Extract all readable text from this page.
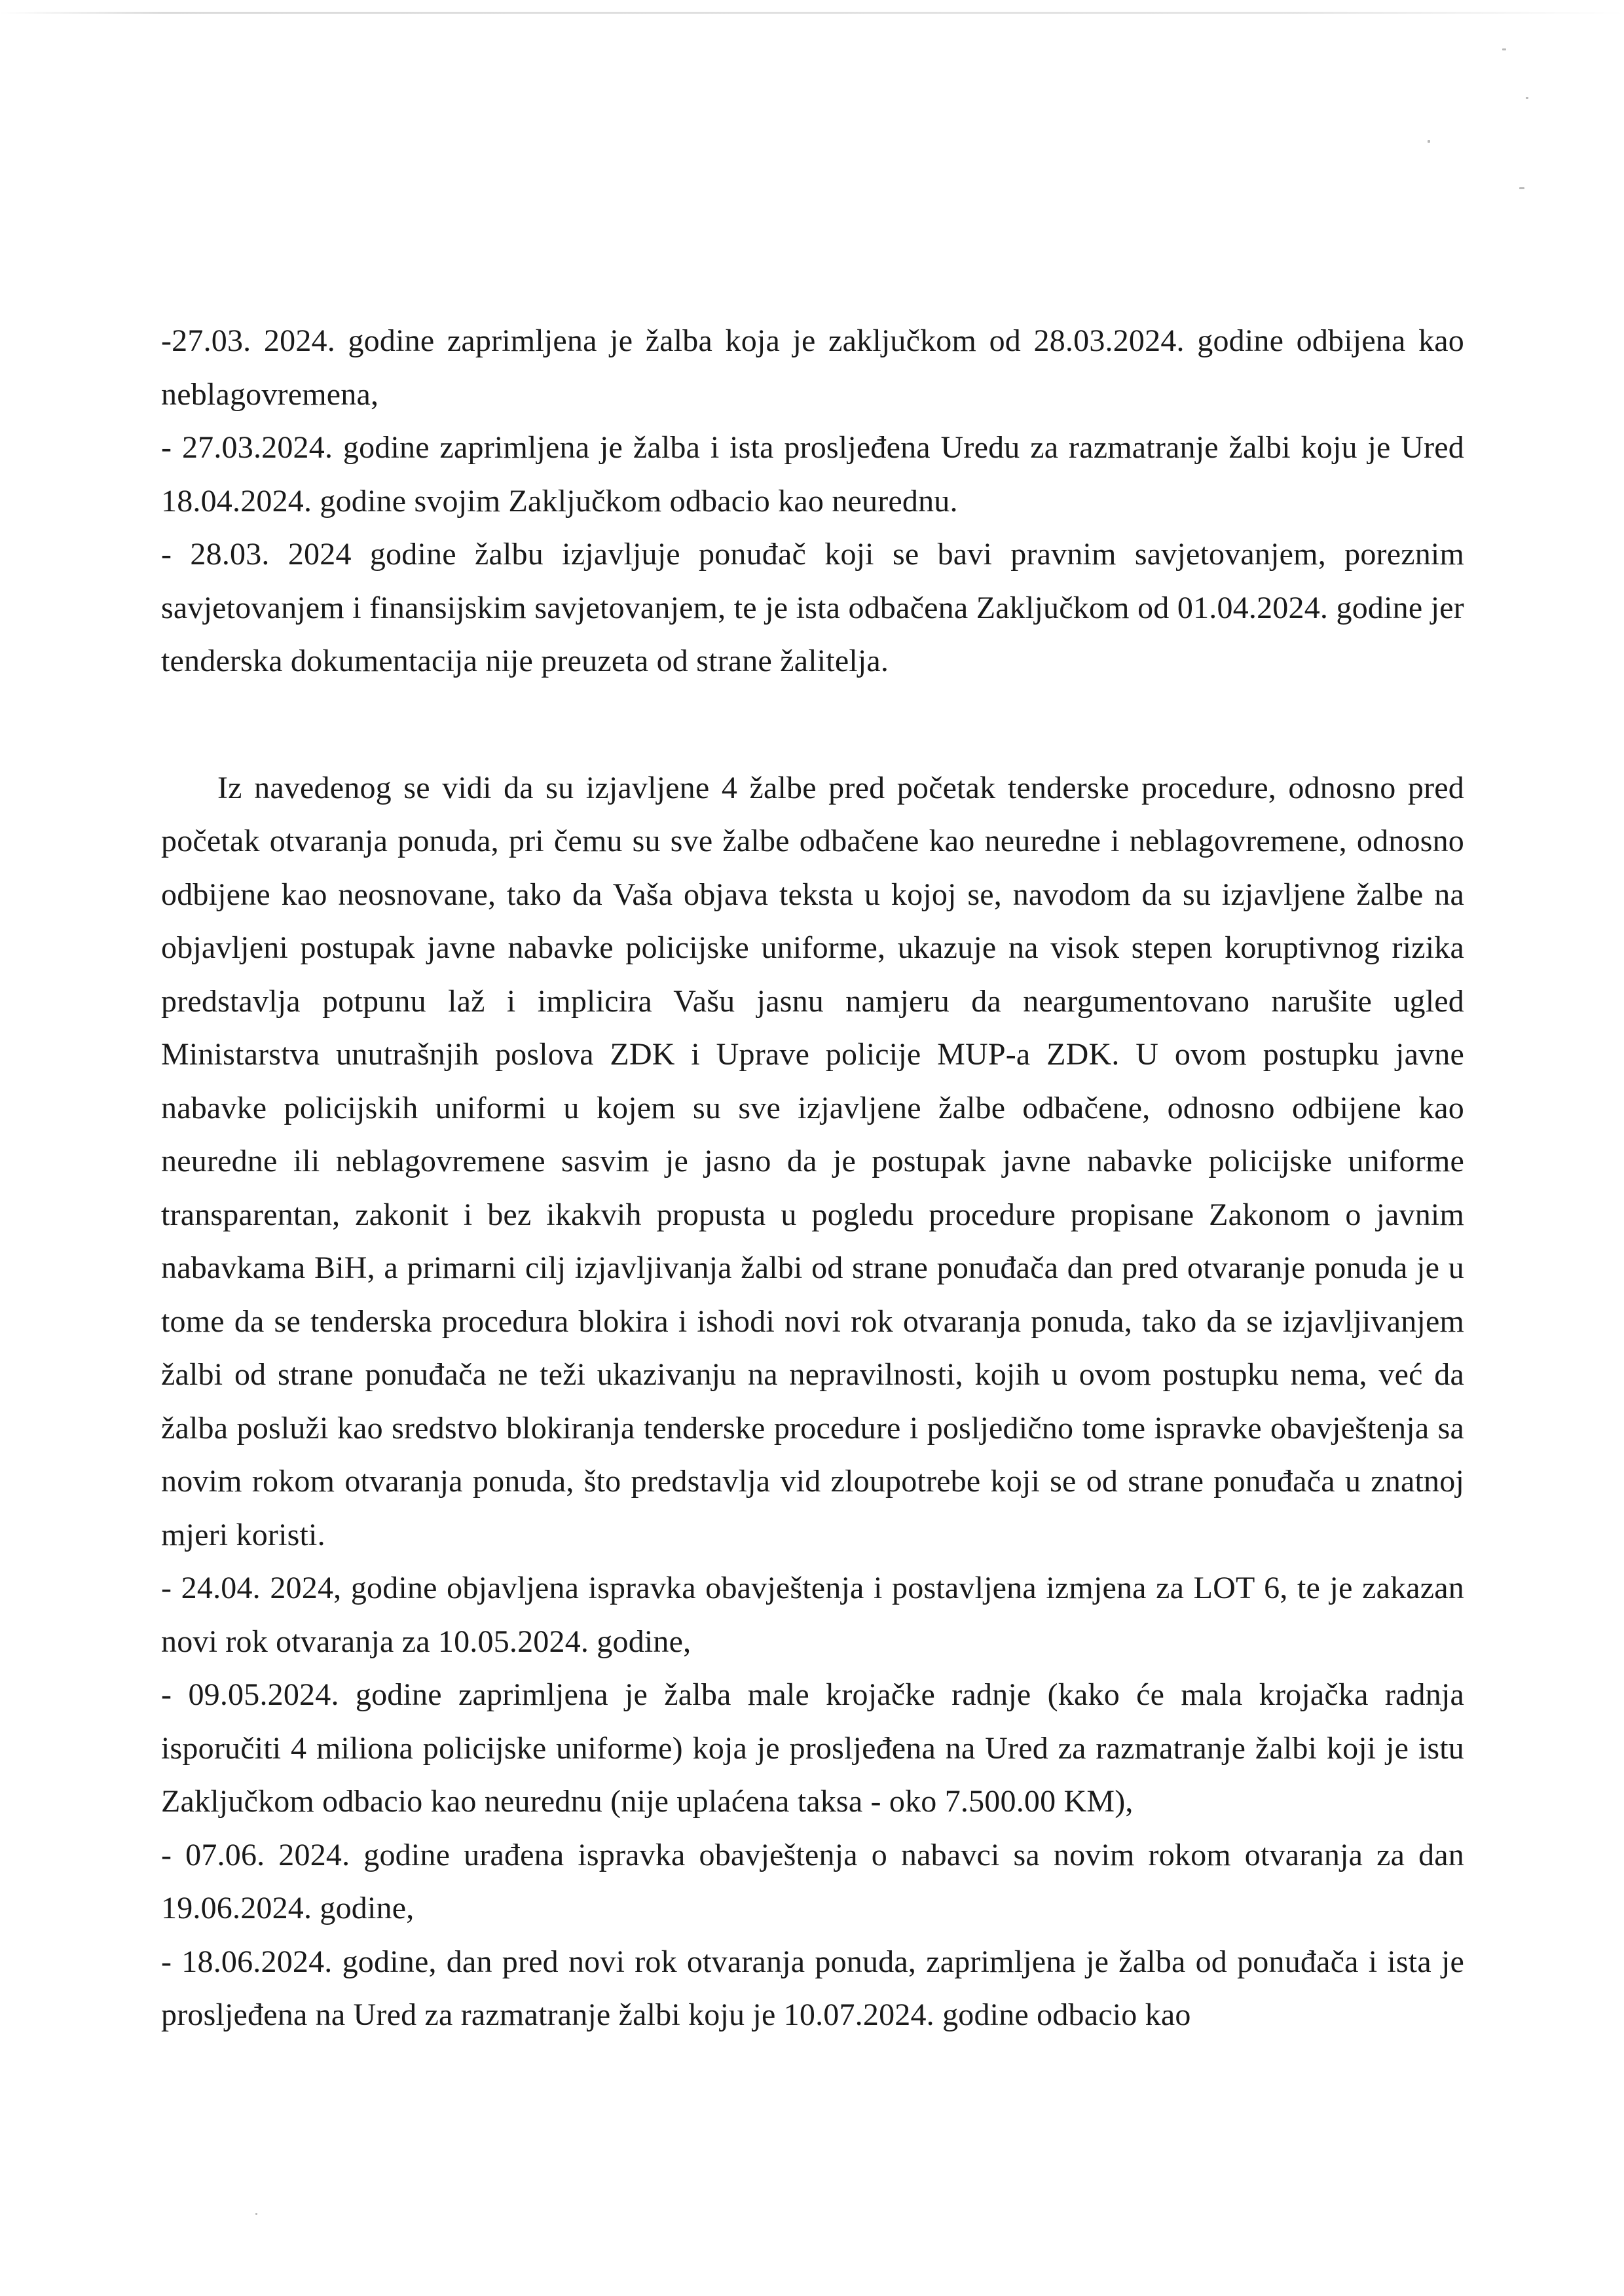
-27.03. 2024. godine zaprimljena je žalba koja je zaključkom od 28.03.2024. godine odbijena kao neblagovremena,

- 27.03.2024. godine zaprimljena je žalba i ista prosljeđena Uredu za razmatranje žalbi koju je Ured 18.04.2024. godine svojim Zaključkom odbacio kao neurednu.

- 28.03. 2024 godine žalbu izjavljuje ponuđač koji se bavi pravnim savjetovanjem, poreznim savjetovanjem i finansijskim savjetovanjem, te je ista odbačena Zaključkom od 01.04.2024. godine jer tenderska dokumentacija nije preuzeta od strane žalitelja.

Iz navedenog se vidi da su izjavljene 4 žalbe pred početak tenderske procedure, odnosno pred početak otvaranja ponuda, pri čemu su sve žalbe odbačene kao neuredne i neblagovremene, odnosno odbijene kao neosnovane, tako da Vaša objava teksta u kojoj se, navodom da su izjavljene žalbe na objavljeni postupak javne nabavke policijske uniforme, ukazuje na visok stepen koruptivnog rizika predstavlja potpunu laž i implicira Vašu jasnu namjeru da neargumentovano narušite ugled Ministarstva unutrašnjih poslova ZDK i Uprave policije MUP-a ZDK. U ovom postupku javne nabavke policijskih uniformi u kojem su sve izjavljene žalbe odbačene, odnosno odbijene kao neuredne ili neblagovremene sasvim je jasno da je postupak javne nabavke policijske uniforme transparentan, zakonit i bez ikakvih propusta u pogledu procedure propisane Zakonom o javnim nabavkama BiH, a primarni cilj izjavljivanja žalbi od strane ponuđača dan pred otvaranje ponuda je u tome da se tenderska procedura blokira i ishodi novi rok otvaranja ponuda, tako da se izjavljivanjem žalbi od strane ponuđača ne teži ukazivanju na nepravilnosti, kojih u ovom postupku nema, već da žalba posluži kao sredstvo blokiranja tenderske procedure i posljedično tome ispravke obavještenja sa novim rokom otvaranja ponuda, što predstavlja vid zloupotrebe koji se od strane ponuđača u znatnoj mjeri koristi.

- 24.04. 2024, godine objavljena ispravka obavještenja i postavljena izmjena za LOT 6, te je zakazan novi rok otvaranja za 10.05.2024. godine,

- 09.05.2024. godine zaprimljena je žalba male krojačke radnje (kako će mala krojačka radnja isporučiti 4 miliona policijske uniforme) koja je prosljeđena na Ured za razmatranje žalbi koji je istu Zaključkom odbacio kao neurednu (nije uplaćena taksa - oko 7.500.00 KM),

- 07.06. 2024. godine urađena ispravka obavještenja o nabavci sa novim rokom otvaranja za dan 19.06.2024. godine,

- 18.06.2024. godine, dan pred novi rok otvaranja ponuda, zaprimljena je žalba od ponuđača i ista je prosljeđena na Ured za razmatranje žalbi koju je 10.07.2024. godine odbacio kao
